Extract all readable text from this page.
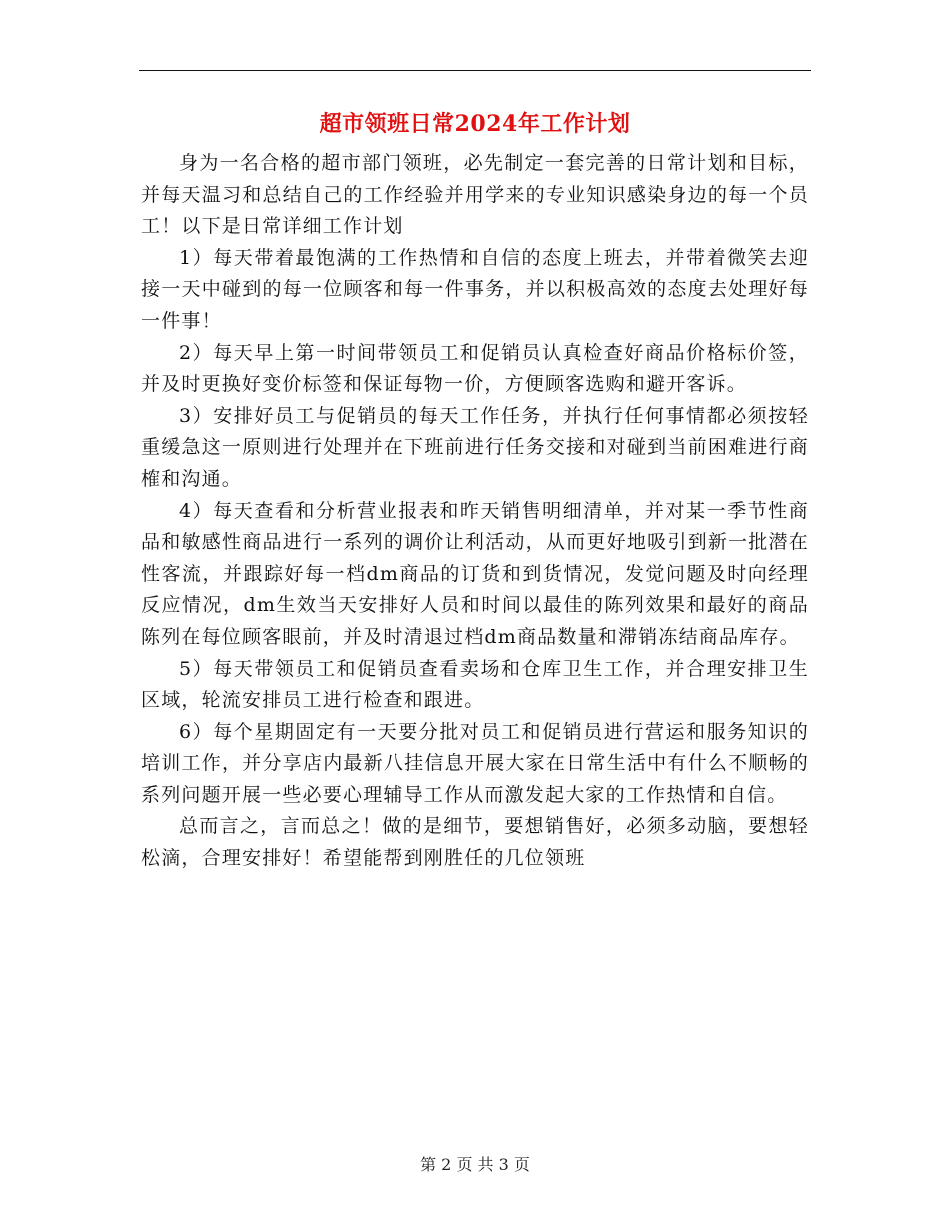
超市领班日常2024年工作计划

身为一名合格的超市部门领班，必先制定一套完善的日常计划和目标，并每天温习和总结自己的工作经验并用学来的专业知识感染身边的每一个员工！以下是日常详细工作计划

1）每天带着最饱满的工作热情和自信的态度上班去，并带着微笑去迎接一天中碰到的每一位顾客和每一件事务，并以积极高效的态度去处理好每一件事！

2）每天早上第一时间带领员工和促销员认真检查好商品价格标价签，并及时更换好变价标签和保证每物一价，方便顾客选购和避开客诉。

3）安排好员工与促销员的每天工作任务，并执行任何事情都必须按轻重缓急这一原则进行处理并在下班前进行任务交接和对碰到当前困难进行商榷和沟通。

4）每天查看和分析营业报表和昨天销售明细清单，并对某一季节性商品和敏感性商品进行一系列的调价让利活动，从而更好地吸引到新一批潜在性客流，并跟踪好每一档dm商品的订货和到货情况，发觉问题及时向经理反应情况，dm生效当天安排好人员和时间以最佳的陈列效果和最好的商品陈列在每位顾客眼前，并及时清退过档dm商品数量和滞销冻结商品库存。

5）每天带领员工和促销员查看卖场和仓库卫生工作，并合理安排卫生区域，轮流安排员工进行检查和跟进。

6）每个星期固定有一天要分批对员工和促销员进行营运和服务知识的培训工作，并分享店内最新八挂信息开展大家在日常生活中有什么不顺畅的系列问题开展一些必要心理辅导工作从而激发起大家的工作热情和自信。

总而言之，言而总之！做的是细节，要想销售好，必须多动脑，要想轻松滴，合理安排好！希望能帮到刚胜任的几位领班

第 2 页 共 3 页
